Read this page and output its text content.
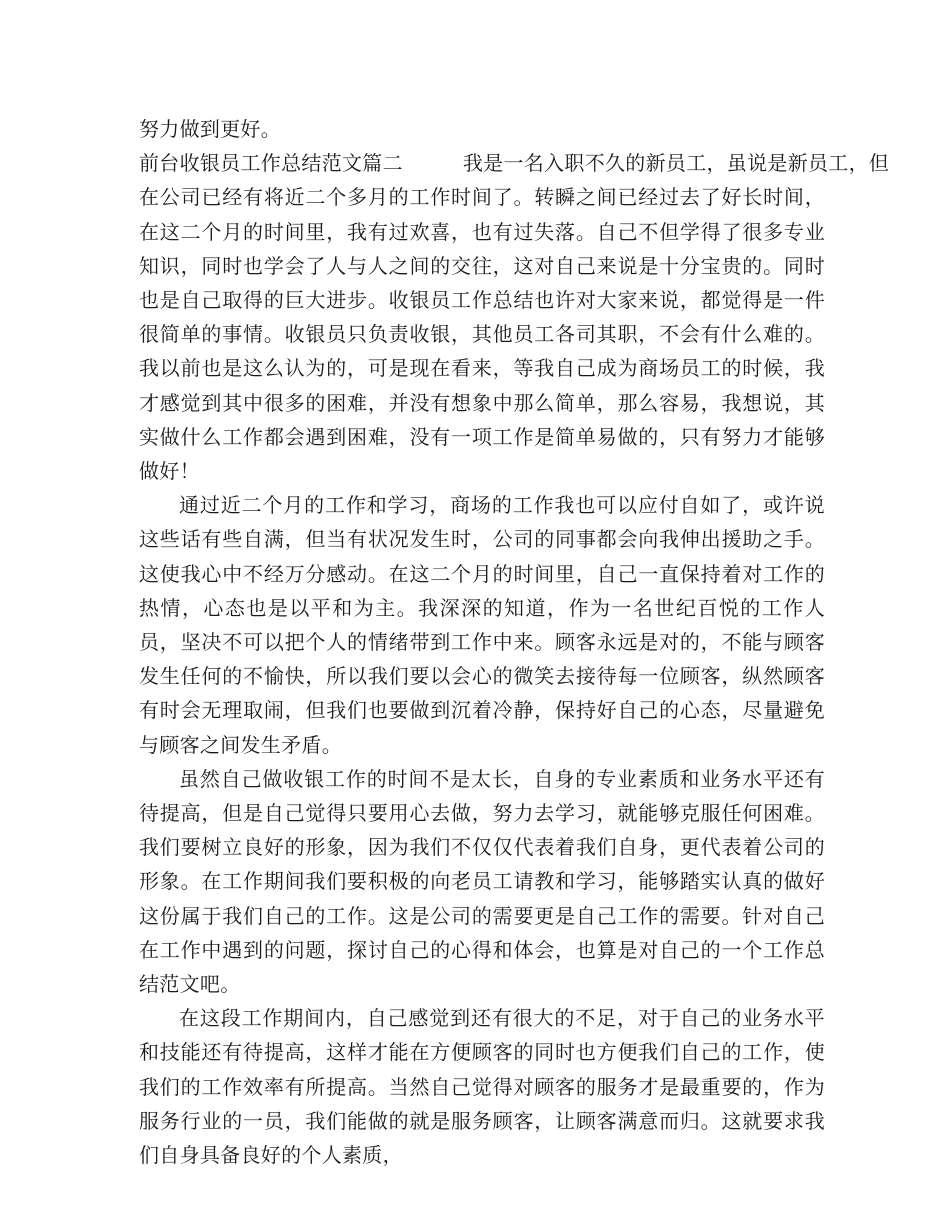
努力做到更好。

前台收银员工作总结范文篇二	我是一名入职不久的新员工，虽说是新员工，但

在公司已经有将近二个多月的工作时间了。转瞬之间已经过去了好长时间，在这二个月的时间里，我有过欢喜，也有过失落。自己不但学得了很多专业知识，同时也学会了人与人之间的交往，这对自己来说是十分宝贵的。同时也是自己取得的巨大进步。收银员工作总结也许对大家来说，都觉得是一件很简单的事情。收银员只负责收银，其他员工各司其职，不会有什么难的。我以前也是这么认为的，可是现在看来，等我自己成为商场员工的时候，我才感觉到其中很多的困难，并没有想象中那么简单，那么容易，我想说，其实做什么工作都会遇到困难，没有一项工作是简单易做的，只有努力才能够做好！

通过近二个月的工作和学习，商场的工作我也可以应付自如了，或许说这些话有些自满，但当有状况发生时，公司的同事都会向我伸出援助之手。这使我心中不经万分感动。在这二个月的时间里，自己一直保持着对工作的热情，心态也是以平和为主。我深深的知道，作为一名世纪百悦的工作人员，坚决不可以把个人的情绪带到工作中来。顾客永远是对的，不能与顾客发生任何的不愉快，所以我们要以会心的微笑去接待每一位顾客，纵然顾客有时会无理取闹，但我们也要做到沉着冷静，保持好自己的心态，尽量避免与顾客之间发生矛盾。

虽然自己做收银工作的时间不是太长，自身的专业素质和业务水平还有待提高，但是自己觉得只要用心去做，努力去学习，就能够克服任何困难。我们要树立良好的形象，因为我们不仅仅代表着我们自身，更代表着公司的形象。在工作期间我们要积极的向老员工请教和学习，能够踏实认真的做好这份属于我们自己的工作。这是公司的需要更是自己工作的需要。针对自己在工作中遇到的问题，探讨自己的心得和体会，也算是对自己的一个工作总结范文吧。

在这段工作期间内，自己感觉到还有很大的不足，对于自己的业务水平和技能还有待提高，这样才能在方便顾客的同时也方便我们自己的工作，使我们的工作效率有所提高。当然自己觉得对顾客的服务才是最重要的，作为服务行业的一员，我们能做的就是服务顾客，让顾客满意而归。这就要求我们自身具备良好的个人素质，
